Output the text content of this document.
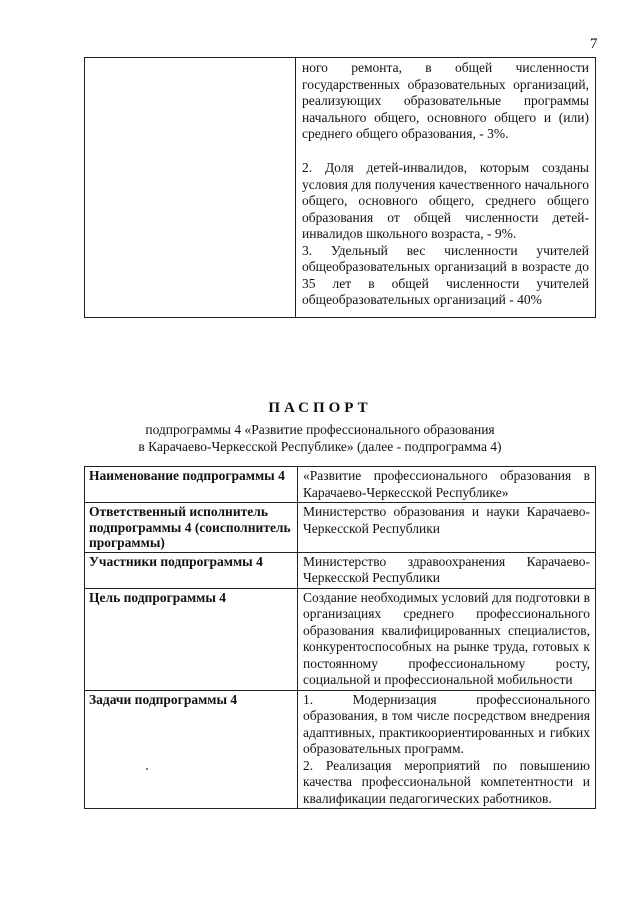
7

ного ремонта, в общей численности государственных образовательных организаций, реализующих образовательные программы начального общего, основного общего и (или) среднего общего образования, - 3%.

2. Доля детей-инвалидов, которым созданы условия для получения качественного начального общего, основного общего, среднего общего образования от общей численности детей-инвалидов школьного возраста, - 9%.

3. Удельный вес численности учителей общеобразовательных организаций в возрасте до 35 лет в общей численности учителей общеобразовательных организаций - 40%

ПАСПОРТ
подпрограммы 4 «Развитие профессионального образования
в Карачаево-Черкесской Республике» (далее - подпрограмма 4)
Наименование подпрограммы 4	«Развитие профессионального образования в Карачаево-Черкесской Республике»

Ответственный исполнитель подпрограммы 4 (соисполнитель программы)	Министерство образования и науки Карачаево-Черкесской Республики

Участники подпрограммы 4	Министерство здравоохранения Карачаево-Черкесской Республики

Цель подпрограммы 4	Создание необходимых условий для подготовки в организациях среднего профессионального образования квалифицированных специалистов, конкурентоспособных на рынке труда, готовых к постоянному профессиональному росту, социальной и профессиональной мобильности

Задачи подпрограммы 4	1. Модернизация профессионального образования, в том числе посредством внедрения адаптивных, практикоориентированных и гибких образовательных программ.

2. Реализация мероприятий по повышению качества профессиональной компетентности и квалификации педагогических работников.
